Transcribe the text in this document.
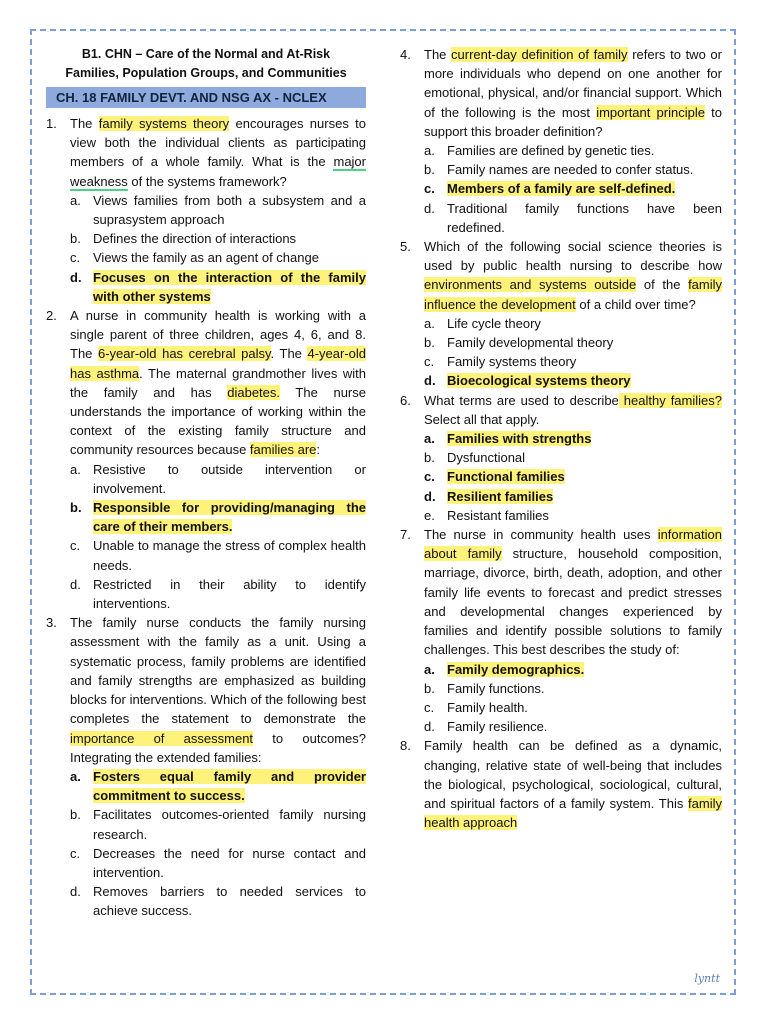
B1. CHN – Care of the Normal and At-Risk
Families, Population Groups, and Communities

CH. 18 FAMILY DEVT. AND NSG AX - NCLEX
1.	The family systems theory encourages nurses to view both the individual clients as participating members of a whole family. What is the major weakness of the systems framework?
a. Views families from both a subsystem and a suprasystem approach
b. Defines the direction of interactions
c. Views the family as an agent of change
d. Focuses on the interaction of the family with other systems
2.	A nurse in community health is working with a single parent of three children, ages 4, 6, and 8. The 6-year-old has cerebral palsy. The 4-year-old has asthma. The maternal grandmother lives with the family and has diabetes. The nurse understands the importance of working within the context of the existing family structure and community resources because families are:
a. Resistive to outside intervention or involvement.
b. Responsible for providing/managing the care of their members.
c. Unable to manage the stress of complex health needs.
d. Restricted in their ability to identify interventions.
3.	The family nurse conducts the family nursing assessment with the family as a unit. Using a systematic process, family problems are identified and family strengths are emphasized as building blocks for interventions. Which of the following best completes the statement to demonstrate the importance of assessment to outcomes? Integrating the extended families:
a. Fosters equal family and provider commitment to success.
b. Facilitates outcomes-oriented family nursing research.
c. Decreases the need for nurse contact and intervention.
d. Removes barriers to needed services to achieve success.
4.	The current-day definition of family refers to two or more individuals who depend on one another for emotional, physical, and/or financial support. Which of the following is the most important principle to support this broader definition?
a. Families are defined by genetic ties.
b. Family names are needed to confer status.
c. Members of a family are self-defined.
d. Traditional family functions have been redefined.
5.	Which of the following social science theories is used by public health nursing to describe how environments and systems outside of the family influence the development of a child over time?
a. Life cycle theory
b. Family developmental theory
c. Family systems theory
d. Bioecological systems theory
6.	What terms are used to describe healthy families? Select all that apply.
a. Families with strengths
b. Dysfunctional
c. Functional families
d. Resilient families
e. Resistant families
7.	The nurse in community health uses information about family structure, household composition, marriage, divorce, birth, death, adoption, and other family life events to forecast and predict stresses and developmental changes experienced by families and identify possible solutions to family challenges. This best describes the study of:
a. Family demographics.
b. Family functions.
c. Family health.
d. Family resilience.
8.	Family health can be defined as a dynamic, changing, relative state of well-being that includes the biological, psychological, sociological, cultural, and spiritual factors of a family system. This family health approach
lyntt
